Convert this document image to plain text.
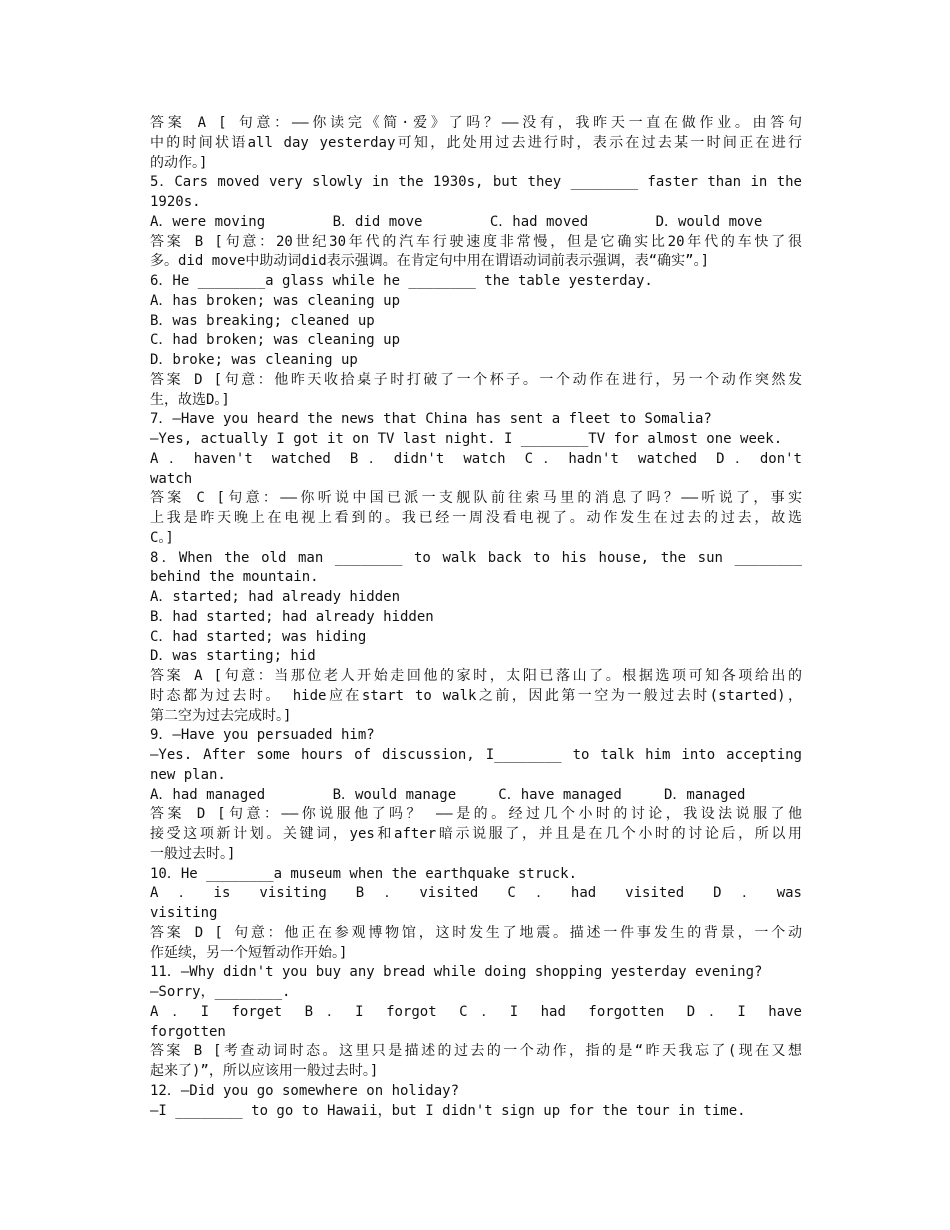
答案 A [ 句意：——你读完《简·爱》了吗？——没有，我昨天一直在做作业。由答句
中的时间状语all day yesterday可知，此处用过去进行时，表示在过去某一时间正在进行
的动作。]
5．Cars moved very slowly in the 1930s, but they ________ faster than in the
1920s.
A．were moving        B．did move        C．had moved        D．would move
答案 B [句意：20世纪30年代的汽车行驶速度非常慢，但是它确实比20年代的车快了很
多。did move中助动词did表示强调。在肯定句中用在谓语动词前表示强调，表“确实”。]
6．He ________a glass while he ________ the table yesterday.
A．has broken; was cleaning up
B．was breaking; cleaned up
C．had broken; was cleaning up
D．broke; was cleaning up
答案 D [句意：他昨天收拾桌子时打破了一个杯子。一个动作在进行，另一个动作突然发
生，故选D。]
7．—Have you heard the news that China has sent a fleet to Somalia?
—Yes, actually I got it on TV last night. I ________TV for almost one week.
A．haven't watched B．didn't watch C．hadn't watched D．don't
watch
答案 C [句意：——你听说中国已派一支舰队前往索马里的消息了吗？——听说了，事实
上我是昨天晚上在电视上看到的。我已经一周没看电视了。动作发生在过去的过去，故选
C。]
8．When the old man ________ to walk back to his house, the sun ________
behind the mountain.
A．started; had already hidden
B．had started; had already hidden
C．had started; was hiding
D．was starting; hid
答案 A [句意：当那位老人开始走回他的家时，太阳已落山了。根据选项可知各项给出的
时态都为过去时。 hide应在start to walk之前，因此第一空为一般过去时(started)，
第二空为过去完成时。]
9．—Have you persuaded him?
—Yes. After some hours of discussion, I________ to talk him into accepting
new plan.
A．had managed        B．would manage     C．have managed     D．managed
答案 D [句意：——你说服他了吗？ ——是的。经过几个小时的讨论，我设法说服了他
接受这项新计划。关键词，yes和after暗示说服了，并且是在几个小时的讨论后，所以用
一般过去时。]
10．He ________a museum when the earthquake struck.
A．is visiting B．visited C．had visited D．was
visiting
答案 D [ 句意：他正在参观博物馆，这时发生了地震。描述一件事发生的背景，一个动
作延续，另一个短暂动作开始。]
11．—Why didn't you buy any bread while doing shopping yesterday evening?
—Sorry，________.
A．I forget B．I forgot C．I had forgotten D．I have
forgotten
答案 B [考查动词时态。这里只是描述的过去的一个动作，指的是“昨天我忘了(现在又想
起来了)”，所以应该用一般过去时。]
12．—Did you go somewhere on holiday?
—I ________ to go to Hawaii，but I didn't sign up for the tour in time.
